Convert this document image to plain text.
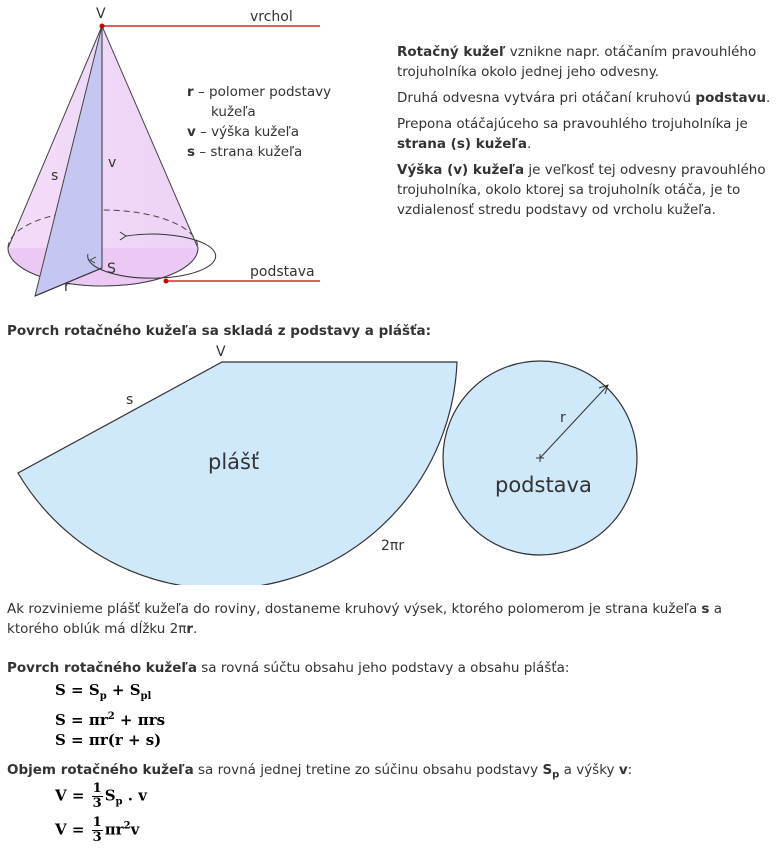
V	vrchol
v
s
S
r
podstava
r – polomer podstavy
kužeľa
v – výška kužeľa
s – strana kužeľa
Rotačný kužeľ vznikne napr. otáčaním pravouhlého trojuholníka okolo jednej jeho odvesny.
Druhá odvesna vytvára pri otáčaní kruhovú podstavu.
Prepona otáčajúceho sa pravouhlého trojuholníka je strana (s) kužeľa.
Výška (v) kužeľa je veľkosť tej odvesny pravouhlého trojuholníka, okolo ktorej sa trojuholník otáča, je to vzdialenosť stredu podstavy od vrcholu kužeľa.
Povrch rotačného kužeľa sa skladá z podstavy a plášťa:
V
s
plášť
2πr
r
podstava
Ak rozvinieme plášť kužeľa do roviny, dostaneme kruhový výsek, ktorého polomerom je strana kužeľa s a
ktorého oblúk má dĺžku 2πr.
Povrch rotačného kužeľa sa rovná súčtu obsahu jeho podstavy a obsahu plášťa:
$S = S_p + S_{pl}$
$S = \pi r^2 + \pi rs$
S = πr(r + s)
Objem rotačného kužeľa sa rovná jednej tretine zo súčinu obsahu podstavy $S_p$ a výšky v:
$V = \frac{1}{3} S_p$ . v
$V = \frac{1}{3} \pi r^2v$
